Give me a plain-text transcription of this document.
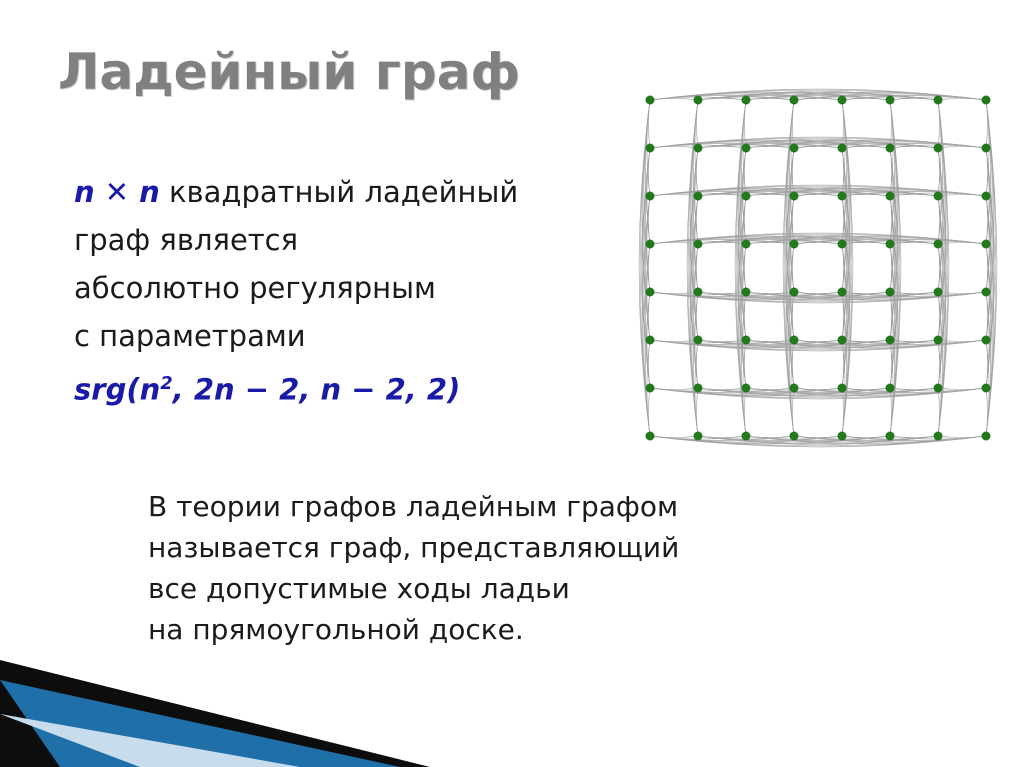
Ладейный граф
n ✕ n квадратный ладейный
граф является
абсолютно регулярным
с параметрами
$srg(n^2$, 2n − 2, n − 2, 2)
В теории графов ладейным графом
называется граф, представляющий
все допустимые ходы ладьи
на прямоугольной доске.
